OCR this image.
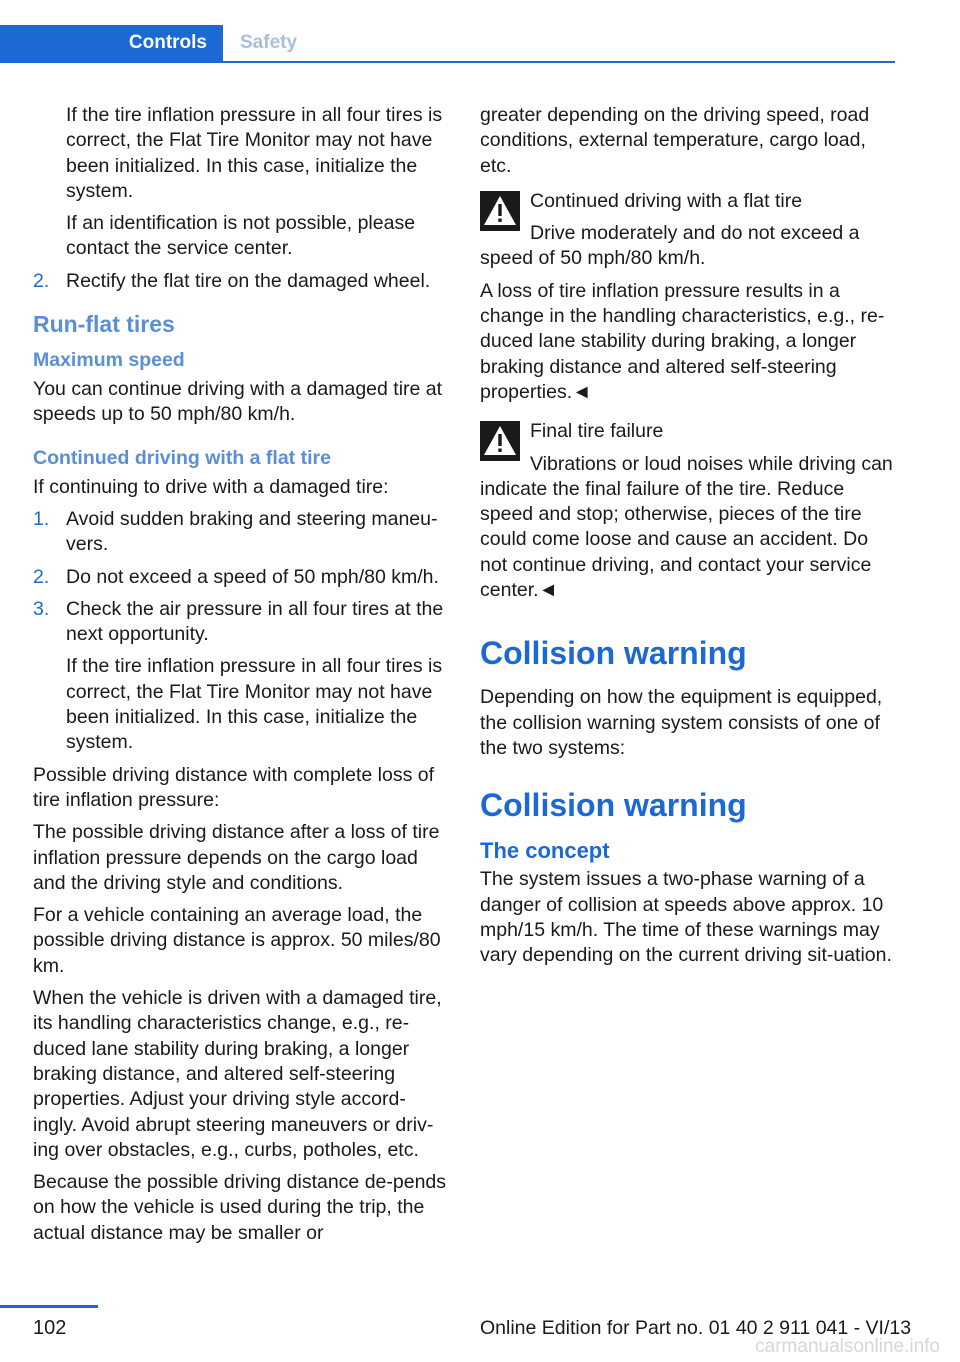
Controls	Safety

If the tire inflation pressure in all four tires is correct, the Flat Tire Monitor may not have been initialized. In this case, initialize the system.

If an identification is not possible, please contact the service center.

2. Rectify the flat tire on the damaged wheel.

Run-flat tires
Maximum speed

You can continue driving with a damaged tire at speeds up to 50 mph/80 km/h.

Continued driving with a flat tire

If continuing to drive with a damaged tire:

1. Avoid sudden braking and steering maneu‐vers.

2. Do not exceed a speed of 50 mph/80 km/h.

3. Check the air pressure in all four tires at the next opportunity.

If the tire inflation pressure in all four tires is correct, the Flat Tire Monitor may not have been initialized. In this case, initialize the system.

Possible driving distance with complete loss of tire inflation pressure:

The possible driving distance after a loss of tire inflation pressure depends on the cargo load and the driving style and conditions.

For a vehicle containing an average load, the possible driving distance is approx. 50 miles/80 km.

When the vehicle is driven with a damaged tire, its handling characteristics change, e.g., re‐duced lane stability during braking, a longer braking distance, and altered self-steering properties. Adjust your driving style accord‐ingly. Avoid abrupt steering maneuvers or driv‐ing over obstacles, e.g., curbs, potholes, etc.

Because the possible driving distance de‐pends on how the vehicle is used during the trip, the actual distance may be smaller or

greater depending on the driving speed, road conditions, external temperature, cargo load, etc.

Continued driving with a flat tire

Drive moderately and do not exceed a speed of 50 mph/80 km/h.

A loss of tire inflation pressure results in a change in the handling characteristics, e.g., re‐duced lane stability during braking, a longer braking distance and altered self-steering properties.◄

Final tire failure

Vibrations or loud noises while driving can indicate the final failure of the tire. Reduce speed and stop; otherwise, pieces of the tire could come loose and cause an accident. Do not continue driving, and contact your service center.◄

Collision warning

Depending on how the equipment is equipped, the collision warning system consists of one of the two systems:

Collision warning
The concept

The system issues a two-phase warning of a danger of collision at speeds above approx. 10 mph/15 km/h. The time of these warnings may vary depending on the current driving sit‐uation.

102	Online Edition for Part no. 01 40 2 911 041 - VI/13
carmanualsonline.info
